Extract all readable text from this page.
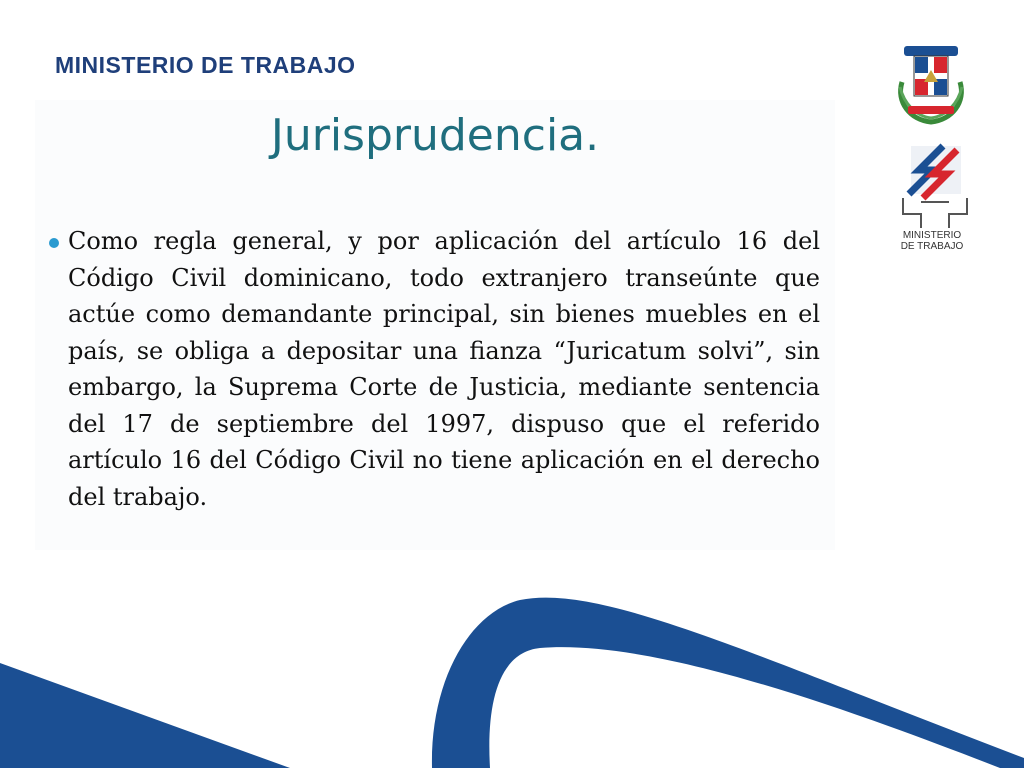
MINISTERIO DE TRABAJO
Jurisprudencia.
Como regla general, y por aplicación del artículo 16 del Código Civil dominicano, todo extranjero transeúnte que actúe como demandante principal, sin bienes muebles en el país, se obliga a depositar una fianza “Juricatum solvi”, sin embargo, la Suprema Corte de Justicia, mediante sentencia del 17 de septiembre del 1997, dispuso que el referido artículo 16 del Código Civil no tiene aplicación en el derecho del trabajo.
MINISTERIO
DE TRABAJO
